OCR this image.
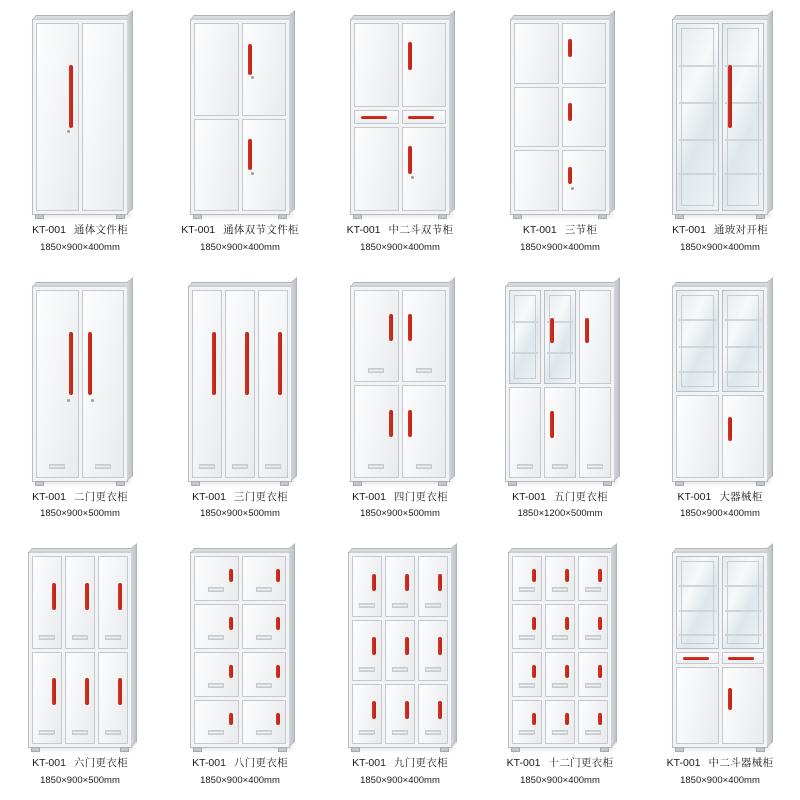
KT-001 通体文件柜
1850×900×400mm
KT-001 通体双节文件柜
1850×900×400mm
KT-001 中二斗双节柜
1850×900×400mm
KT-001 三节柜
1850×900×400mm
KT-001 通玻对开柜
1850×900×400mm
KT-001 二门更衣柜
1850×900×500mm
KT-001 三门更衣柜
1850×900×500mm
KT-001 四门更衣柜
1850×900×500mm
KT-001 五门更衣柜
1850×1200×500mm
KT-001 大器械柜
1850×900×400mm
KT-001 六门更衣柜
1850×900×500mm
KT-001 八门更衣柜
1850×900×400mm
KT-001 九门更衣柜
1850×900×400mm
KT-001 十二门更衣柜
1850×900×400mm
KT-001 中二斗器械柜
1850×900×400mm
